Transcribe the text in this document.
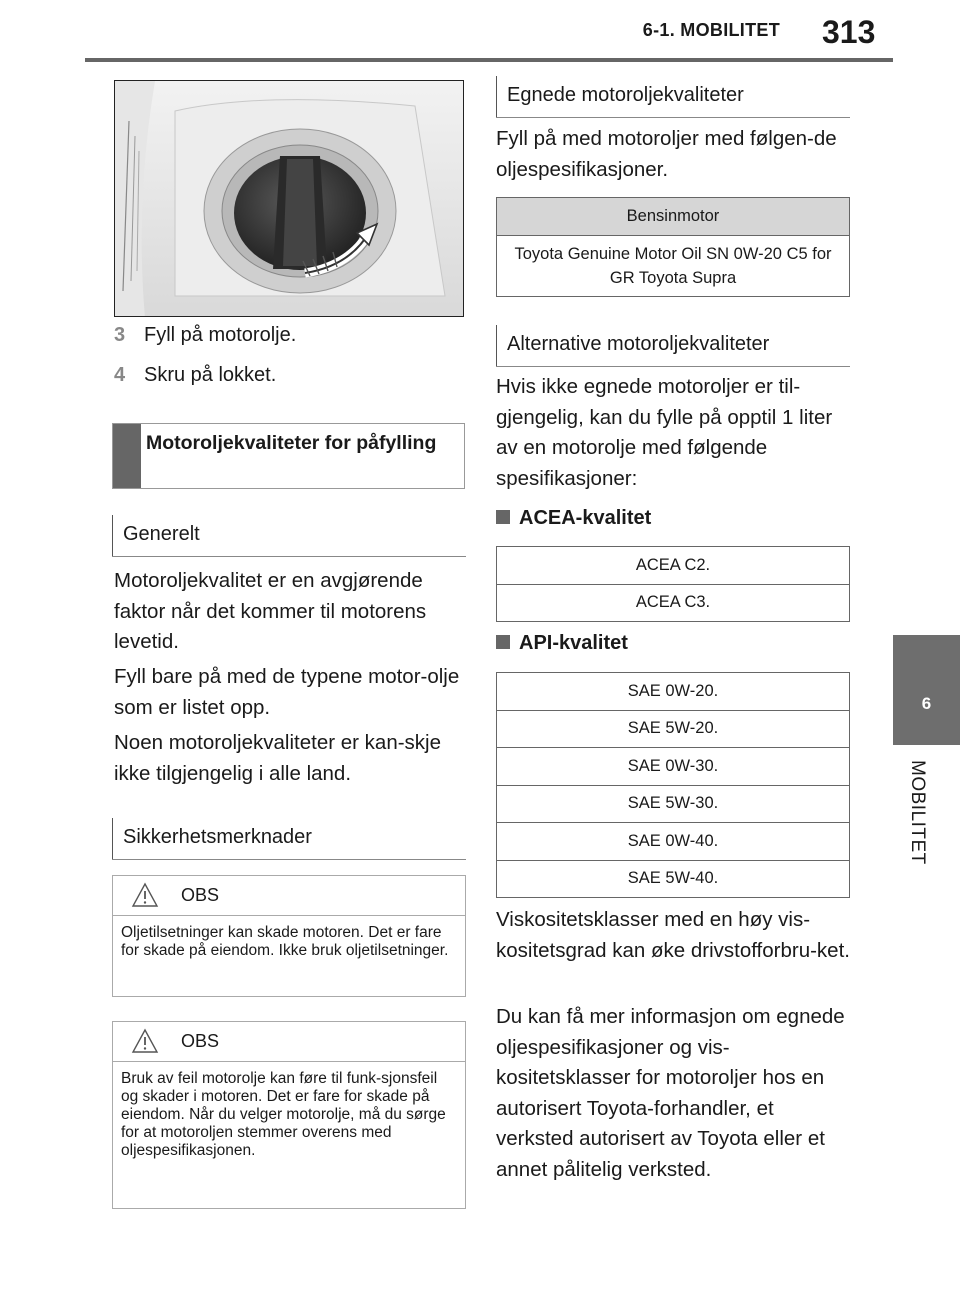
6-1. MOBILITET 313
6
MOBILITET
3 Fyll på motorolje.
4 Skru på lokket.
Motoroljekvaliteter for påfylling
Generelt
Motoroljekvalitet er en avgjørende faktor når det kommer til motorens levetid.
Fyll bare på med de typene motor-olje som er listet opp.
Noen motoroljekvaliteter er kan-skje ikke tilgjengelig i alle land.
Sikkerhetsmerknader
OBS
Oljetilsetninger kan skade motoren. Det er fare for skade på eiendom. Ikke bruk oljetilsetninger.
OBS
Bruk av feil motorolje kan føre til funk-sjonsfeil og skader i motoren. Det er fare for skade på eiendom. Når du velger motorolje, må du sørge for at motoroljen stemmer overens med oljespesifikasjonen.
Egnede motoroljekvaliteter
Fyll på med motoroljer med følgen-de oljespesifikasjoner.
Bensinmotor
Toyota Genuine Motor Oil SN 0W-20 C5 for GR Toyota Supra
Alternative motoroljekvaliteter
Hvis ikke egnede motoroljer er til-gjengelig, kan du fylle på opptil 1 liter av en motorolje med følgende spesifikasjoner:
ACEA-kvalitet
ACEA C2.
ACEA C3.
API-kvalitet
SAE 0W-20.
SAE 5W-20.
SAE 0W-30.
SAE 5W-30.
SAE 0W-40.
SAE 5W-40.
Viskositetsklasser med en høy vis-kositetsgrad kan øke drivstofforbru-ket.
Du kan få mer informasjon om egnede oljespesifikasjoner og vis-kositetsklasser for motoroljer hos en autorisert Toyota-forhandler, et verksted autorisert av Toyota eller et annet pålitelig verksted.
